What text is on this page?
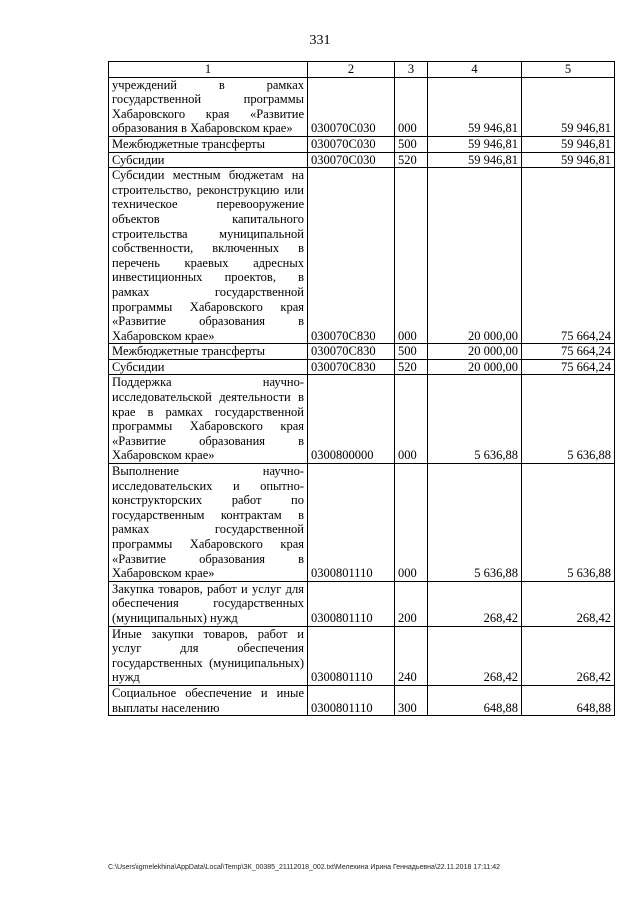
331
1	2	3	4	5
учреждений в рамках государственной программы Хабаровского края «Развитие образования в Хабаровском крае»	030070С030	000	59 946,81	59 946,81
Межбюджетные трансферты	030070С030	500	59 946,81	59 946,81
Субсидии	030070С030	520	59 946,81	59 946,81
Субсидии местным бюджетам на строительство, реконструкцию или техническое перевооружение объектов капитального строительства муниципальной собственности, включенных в перечень краевых адресных инвестиционных проектов, в рамках государственной программы Хабаровского края «Развитие образования в Хабаровском крае»	030070С830	000	20 000,00	75 664,24
Межбюджетные трансферты	030070С830	500	20 000,00	75 664,24
Субсидии	030070С830	520	20 000,00	75 664,24
Поддержка научно-исследовательской деятельности в крае в рамках государственной программы Хабаровского края «Развитие образования в Хабаровском крае»	0300800000	000	5 636,88	5 636,88
Выполнение научно-исследовательских и опытно-конструкторских работ по государственным контрактам в рамках государственной программы Хабаровского края «Развитие образования в Хабаровском крае»	0300801110	000	5 636,88	5 636,88
Закупка товаров, работ и услуг для обеспечения государственных (муниципальных) нужд	0300801110	200	268,42	268,42
Иные закупки товаров, работ и услуг для обеспечения государственных (муниципальных) нужд	0300801110	240	268,42	268,42
Социальное обеспечение и иные выплаты населению	0300801110	300	648,88	648,88
C:\Users\igmelekhina\AppData\Local\Temp\ЗК_00385_21112018_002.txt\Мелехина Ирина Геннадьевна\22.11.2018 17:11:42
